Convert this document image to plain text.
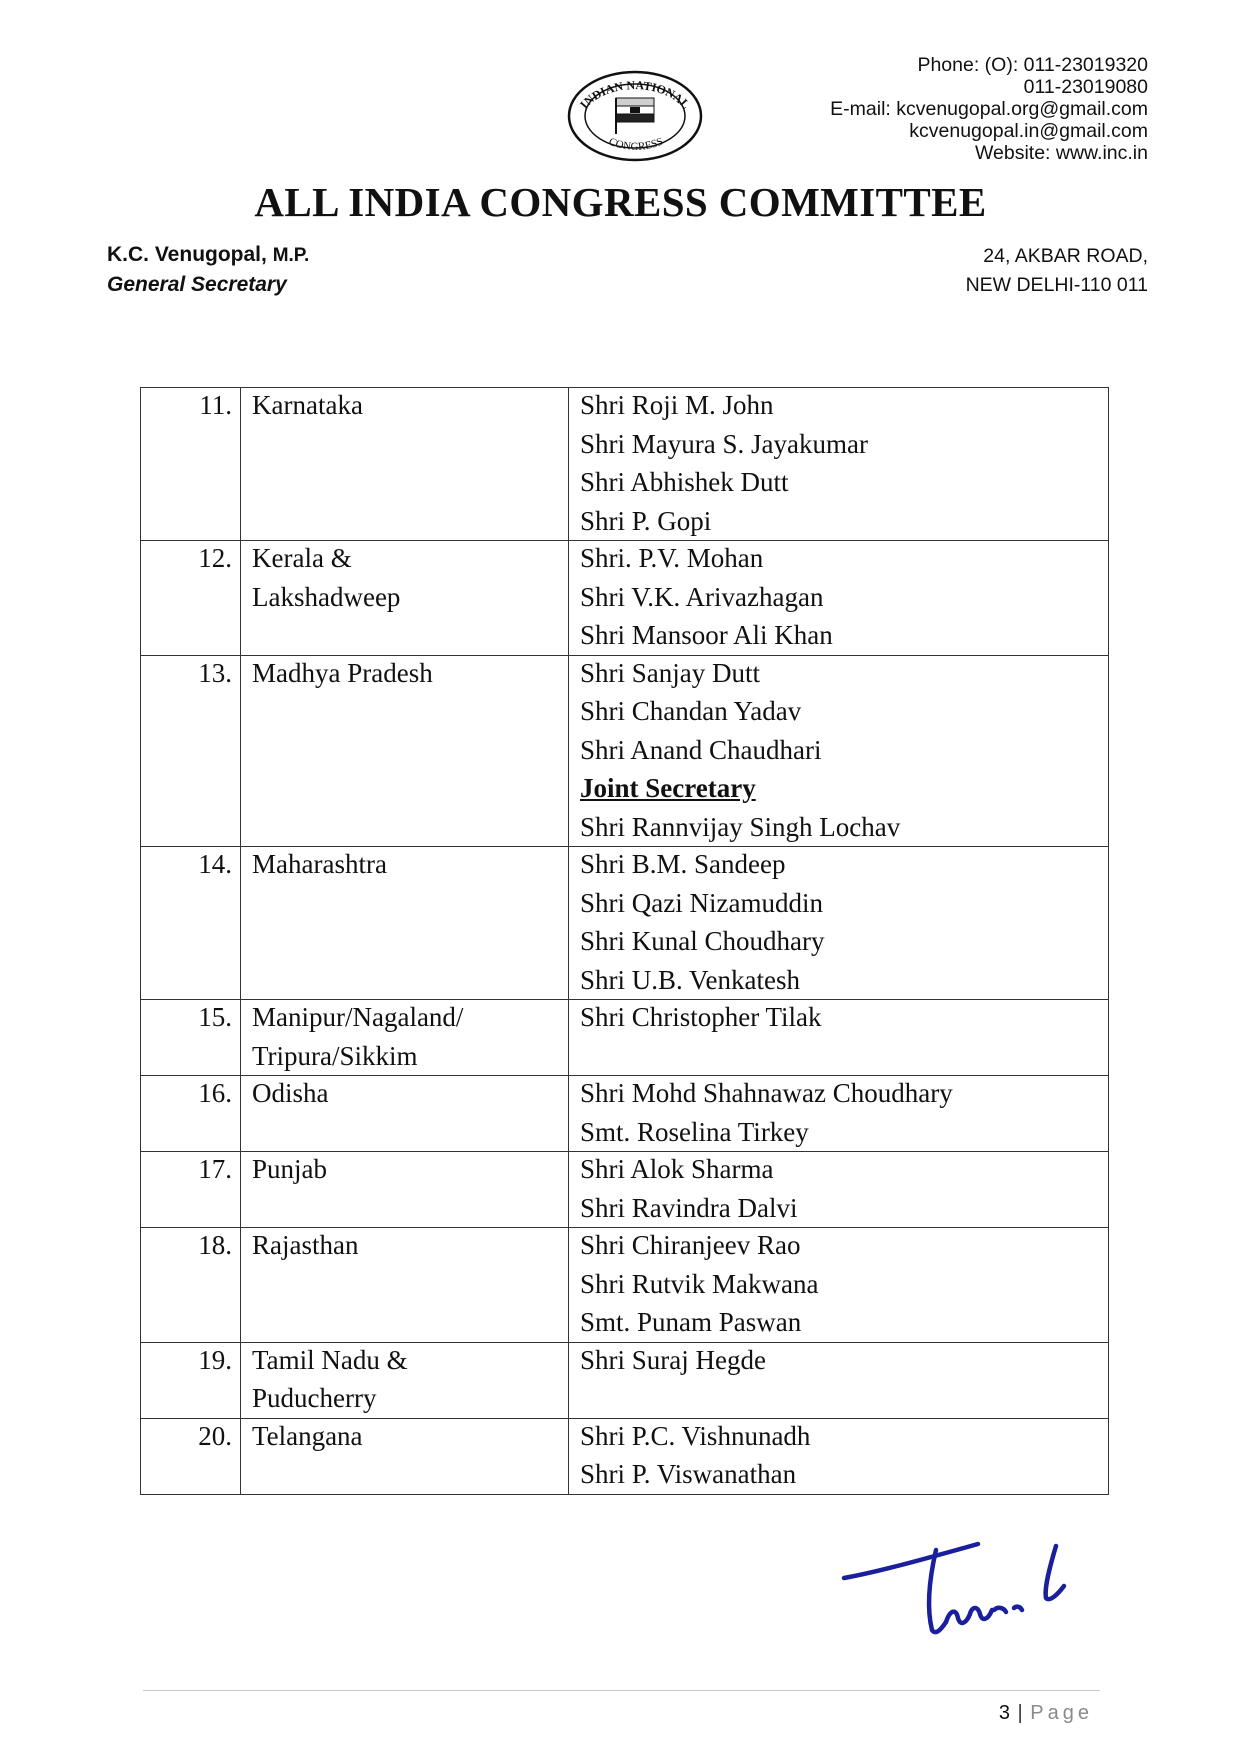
INDIAN NATIONAL
CONGRESS
Phone: (O): 011-23019320
011-23019080
E-mail: kcvenugopal.org@gmail.com
kcvenugopal.in@gmail.com
Website: www.inc.in
ALL INDIA CONGRESS COMMITTEE
K.C. Venugopal, M.P.
General Secretary
24, AKBAR ROAD,
NEW DELHI-110 011
11.	Karnataka	Shri Roji M. John
Shri Mayura S. Jayakumar
Shri Abhishek Dutt
Shri P. Gopi

12.	Kerala &
Lakshadweep	Shri. P.V. Mohan
Shri V.K. Arivazhagan
Shri Mansoor Ali Khan

13.	Madhya Pradesh	Shri Sanjay Dutt
Shri Chandan Yadav
Shri Anand Chaudhari
Joint Secretary
Shri Rannvijay Singh Lochav

14.	Maharashtra	Shri B.M. Sandeep
Shri Qazi Nizamuddin
Shri Kunal Choudhary
Shri U.B. Venkatesh

15.	Manipur/Nagaland/
Tripura/Sikkim	Shri Christopher Tilak

16.	Odisha	Shri Mohd Shahnawaz Choudhary
Smt. Roselina Tirkey

17.	Punjab	Shri Alok Sharma
Shri Ravindra Dalvi

18.	Rajasthan	Shri Chiranjeev Rao
Shri Rutvik Makwana
Smt. Punam Paswan

19.	Tamil Nadu &
Puducherry	Shri Suraj Hegde

20.	Telangana	Shri P.C. Vishnunadh
Shri P. Viswanathan
3 | Page
